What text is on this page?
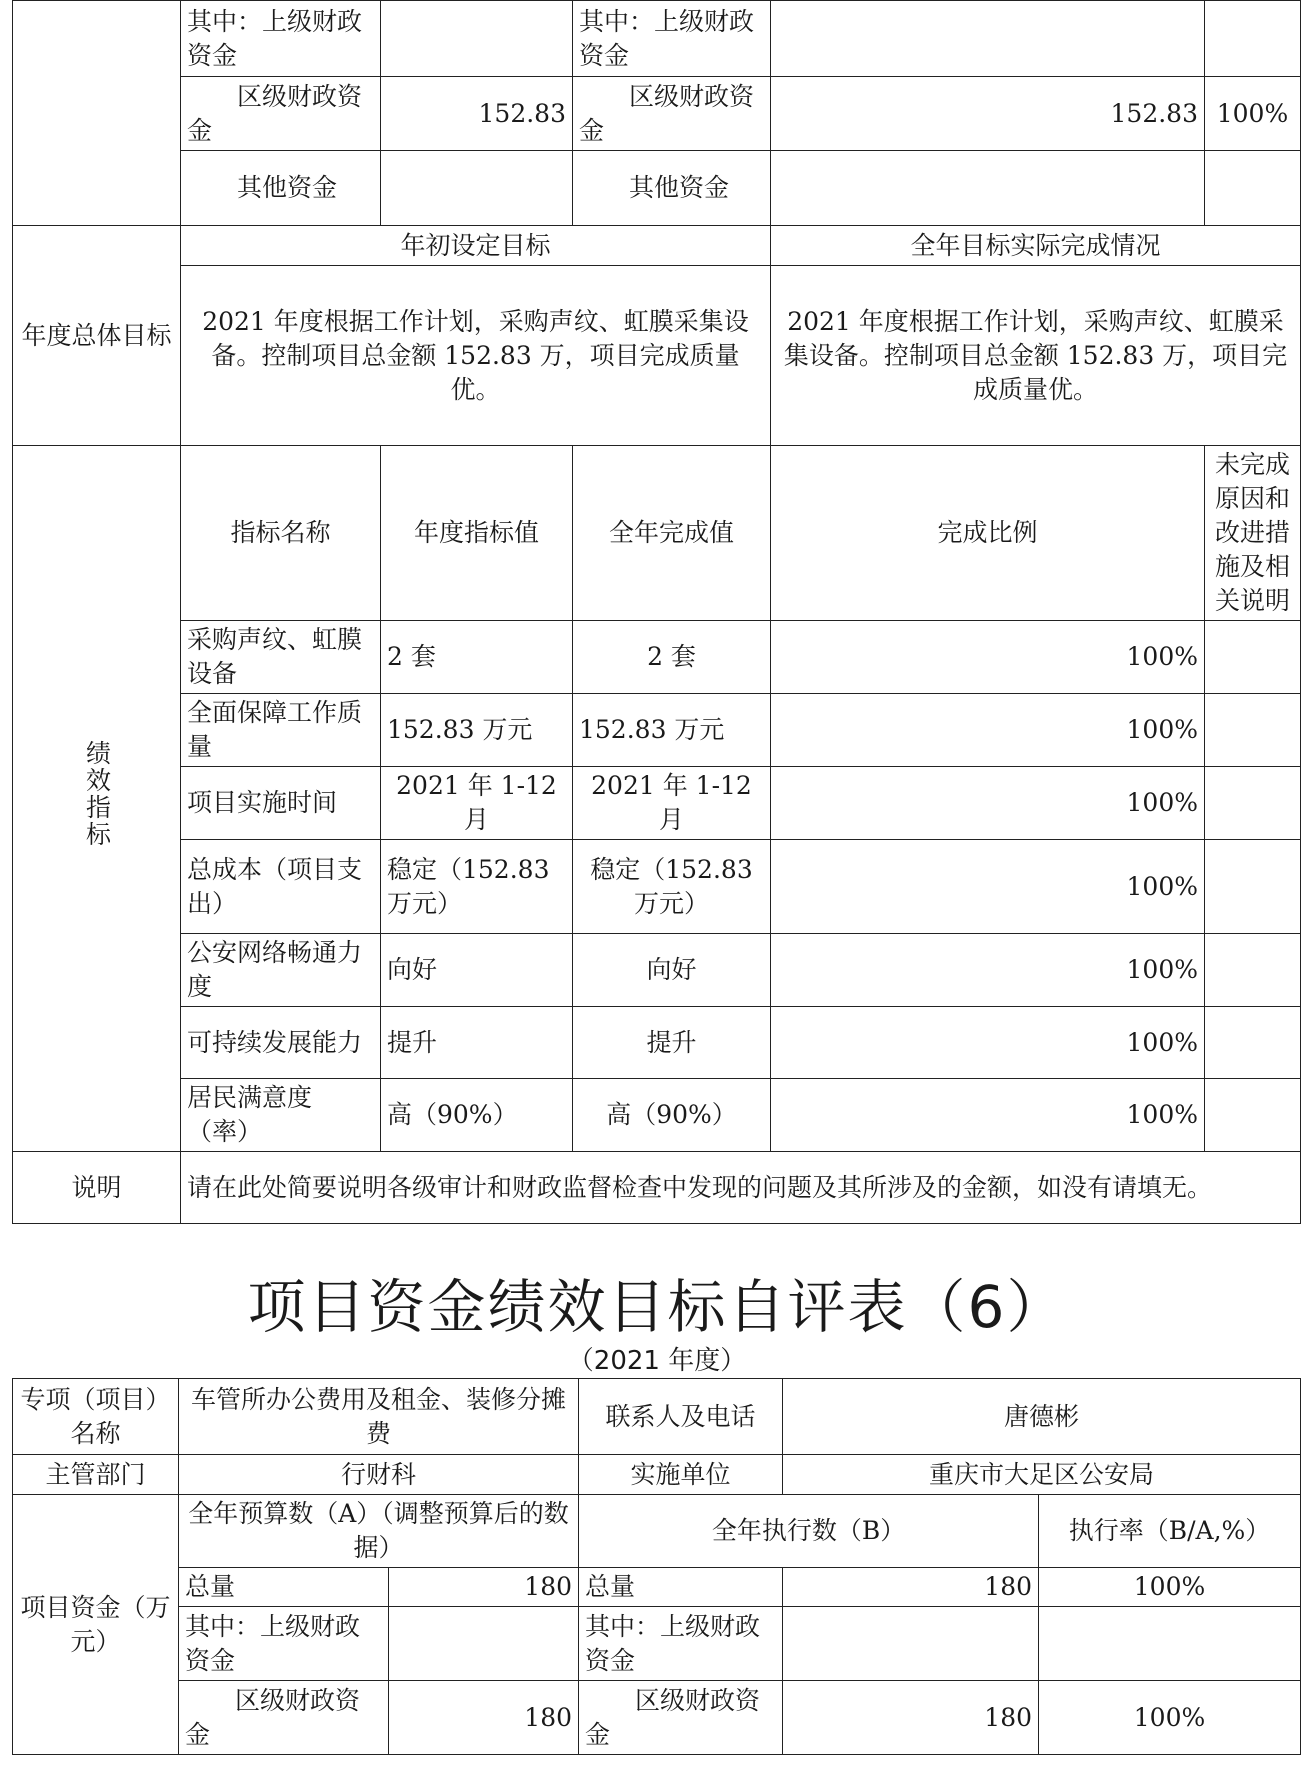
	其中：上级财政资金		其中：上级财政资金		
	区级财政资金	152.83	区级财政资金	152.83	100%
	其他资金		其他资金		
年度总体目标	年初设定目标			全年目标实际完成情况	
	2021 年度根据工作计划，采购声纹、虹膜采集设备。控制项目总金额 152.83 万，项目完成质量优。			2021 年度根据工作计划，采购声纹、虹膜采集设备。控制项目总金额 152.83 万，项目完成质量优。	
绩效指标	指标名称	年度指标值	全年完成值	完成比例	未完成原因和改进措施及相关说明
	采购声纹、虹膜设备	2 套	2 套	100%	
	全面保障工作质量	152.83 万元	152.83 万元	100%	
	项目实施时间	2021 年 1-12 月	2021 年 1-12 月	100%	
	总成本（项目支出）	稳定（152.83 万元）	稳定（152.83 万元）	100%	
	公安网络畅通力度	向好	向好	100%	
	可持续发展能力	提升	提升	100%	
	居民满意度（率）	高（90%）	高（90%）	100%	
说明	请在此处简要说明各级审计和财政监督检查中发现的问题及其所涉及的金额，如没有请填无。				
项目资金绩效目标自评表（6）
（2021 年度）
专项（项目）名称	车管所办公费用及租金、装修分摊费		联系人及电话	唐德彬	
主管部门	行财科		实施单位	重庆市大足区公安局	
项目资金（万元）	全年预算数（A）（调整预算后的数据）		全年执行数（B）		执行率（B/A,%）
	总量	180	总量	180	100%
	其中：上级财政资金		其中：上级财政资金		
	区级财政资金	180	区级财政资金	180	100%
